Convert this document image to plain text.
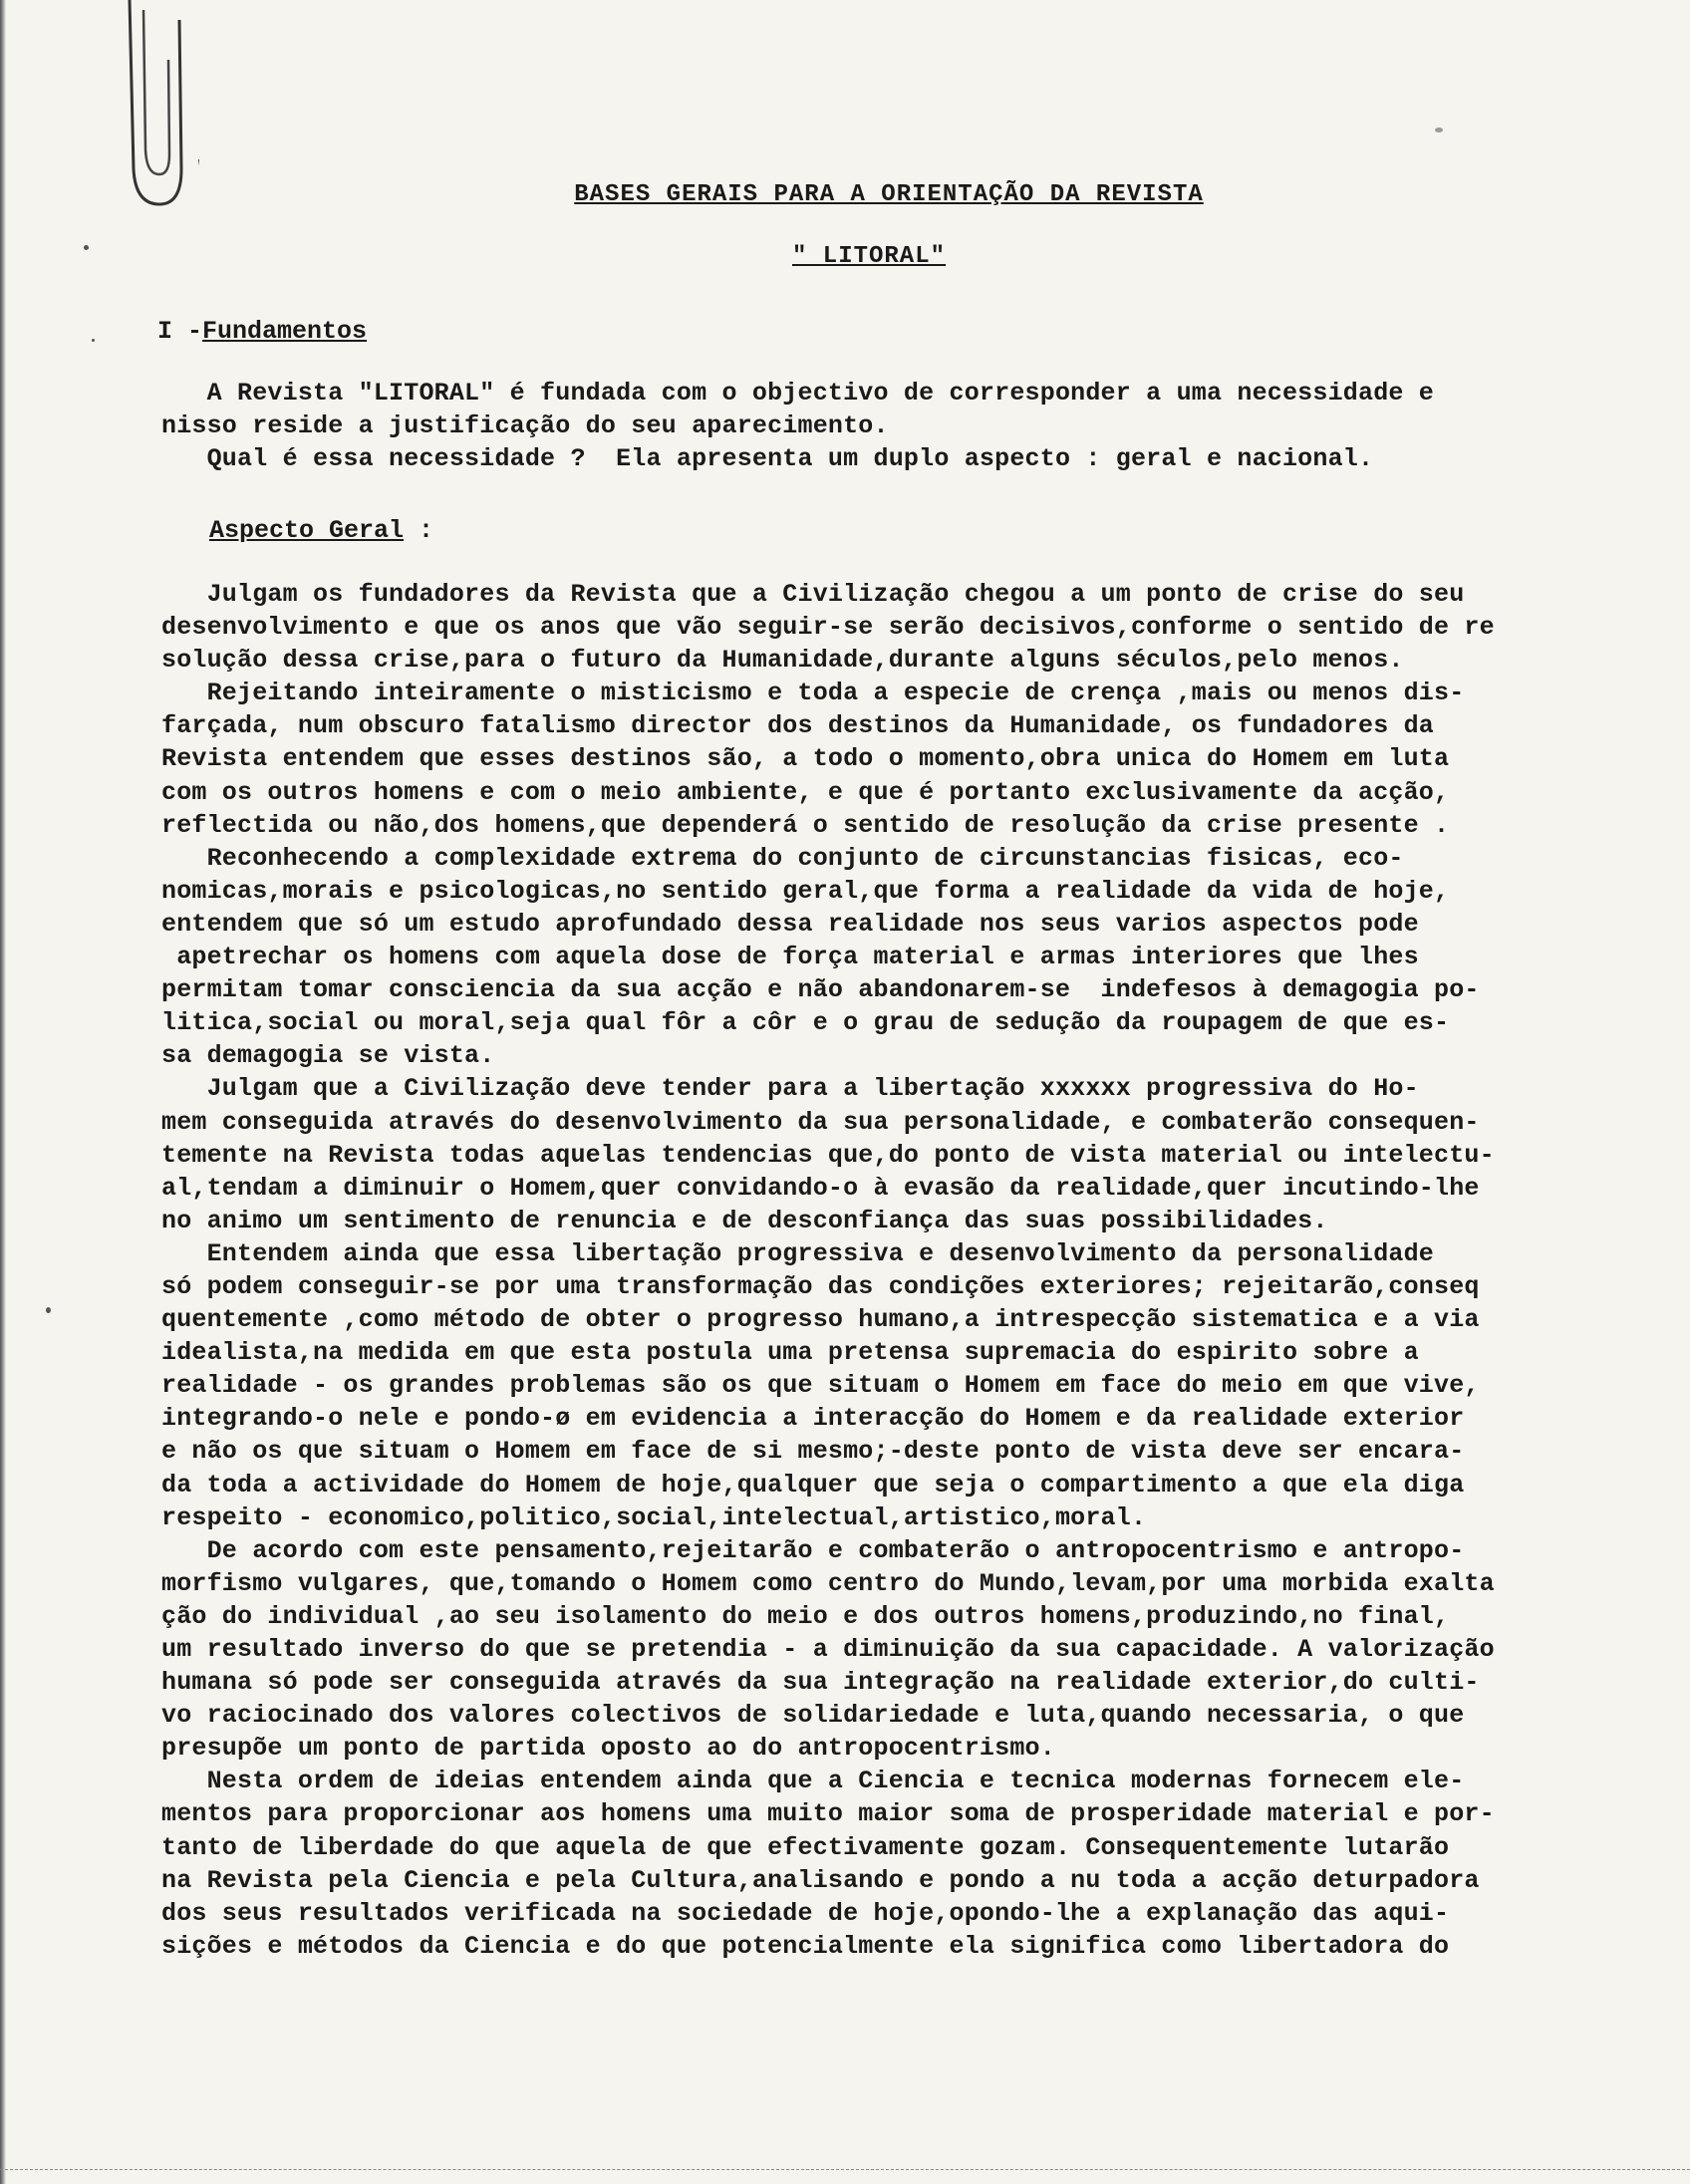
BASES GERAIS PARA A ORIENTAÇÃO DA REVISTA
" LITORAL"
I -Fundamentos
A Revista "LITORAL" é fundada com o objectivo de corresponder a uma necessidade e
nisso reside a justificação do seu aparecimento.
Qual é essa necessidade ?  Ela apresenta um duplo aspecto : geral e nacional.
Aspecto Geral :
Julgam os fundadores da Revista que a Civilização chegou a um ponto de crise do seu
desenvolvimento e que os anos que vão seguir-se serão decisivos,conforme o sentido de re
solução dessa crise,para o futuro da Humanidade,durante alguns séculos,pelo menos.
Rejeitando inteiramente o misticismo e toda a especie de crença ,mais ou menos dis-
farçada, num obscuro fatalismo director dos destinos da Humanidade, os fundadores da
Revista entendem que esses destinos são, a todo o momento,obra unica do Homem em luta
com os outros homens e com o meio ambiente, e que é portanto exclusivamente da acção,
reflectida ou não,dos homens,que dependerá o sentido de resolução da crise presente .
Reconhecendo a complexidade extrema do conjunto de circunstancias fisicas, eco-
nomicas,morais e psicologicas,no sentido geral,que forma a realidade da vida de hoje,
entendem que só um estudo aprofundado dessa realidade nos seus varios aspectos pode
apetrechar os homens com aquela dose de força material e armas interiores que lhes
permitam tomar consciencia da sua acção e não abandonarem-se  indefesos à demagogia po-
litica,social ou moral,seja qual fôr a côr e o grau de sedução da roupagem de que es-
sa demagogia se vista.
Julgam que a Civilização deve tender para a libertação xxxxxx progressiva do Ho-
mem conseguida através do desenvolvimento da sua personalidade, e combaterão consequen-
temente na Revista todas aquelas tendencias que,do ponto de vista material ou intelectu-
al,tendam a diminuir o Homem,quer convidando-o à evasão da realidade,quer incutindo-lhe
no animo um sentimento de renuncia e de desconfiança das suas possibilidades.
Entendem ainda que essa libertação progressiva e desenvolvimento da personalidade
só podem conseguir-se por uma transformação das condições exteriores; rejeitarão,conseq
quentemente ,como método de obter o progresso humano,a intrespecção sistematica e a via
idealista,na medida em que esta postula uma pretensa supremacia do espirito sobre a
realidade - os grandes problemas são os que situam o Homem em face do meio em que vive,
integrando-o nele e pondo-ø em evidencia a interacção do Homem e da realidade exterior
e não os que situam o Homem em face de si mesmo;-deste ponto de vista deve ser encara-
da toda a actividade do Homem de hoje,qualquer que seja o compartimento a que ela diga
respeito - economico,politico,social,intelectual,artistico,moral.
De acordo com este pensamento,rejeitarão e combaterão o antropocentrismo e antropo-
morfismo vulgares, que,tomando o Homem como centro do Mundo,levam,por uma morbida exalta
ção do individual ,ao seu isolamento do meio e dos outros homens,produzindo,no final,
um resultado inverso do que se pretendia - a diminuição da sua capacidade. A valorização
humana só pode ser conseguida através da sua integração na realidade exterior,do culti-
vo raciocinado dos valores colectivos de solidariedade e luta,quando necessaria, o que
presupõe um ponto de partida oposto ao do antropocentrismo.
Nesta ordem de ideias entendem ainda que a Ciencia e tecnica modernas fornecem ele-
mentos para proporcionar aos homens uma muito maior soma de prosperidade material e por-
tanto de liberdade do que aquela de que efectivamente gozam. Consequentemente lutarão
na Revista pela Ciencia e pela Cultura,analisando e pondo a nu toda a acção deturpadora
dos seus resultados verificada na sociedade de hoje,opondo-lhe a explanação das aqui-
sições e métodos da Ciencia e do que potencialmente ela significa como libertadora do
